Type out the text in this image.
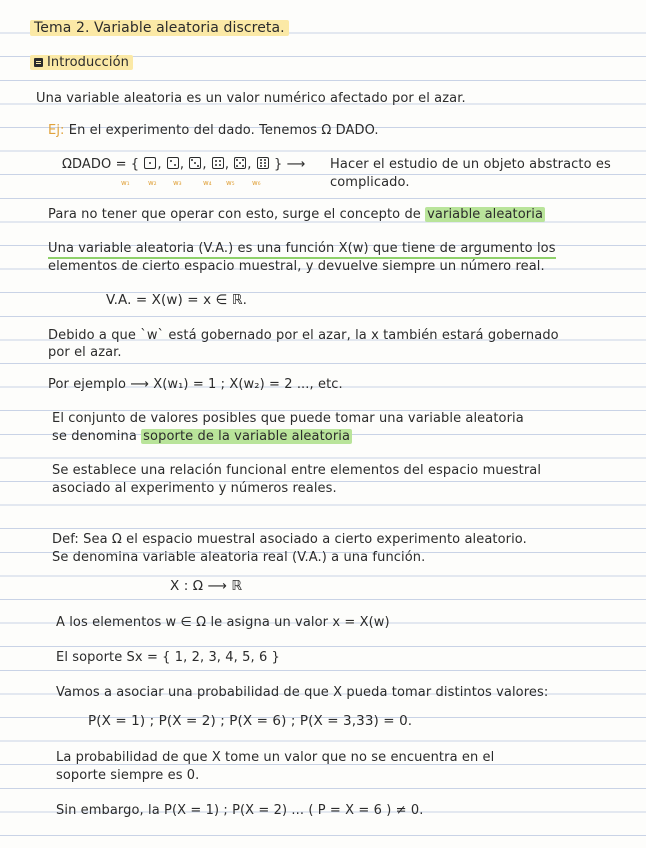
Tema 2. Variable aleatoria discreta.
Introducción
Una variable aleatoria es un valor numérico afectado por el azar.
Ej: En el experimento del dado. Tenemos Ω DADO.
ΩDADO = { ,
,
,
,
,
} ⟶ Hacer el estudio de un objeto abstracto es
complicado.
w₁	w₂ w₃	w₄ w₅ w₆
Para no tener que operar con esto, surge el concepto de variable aleatoria
Una variable aleatoria (V.A.) es una función X(w) que tiene de argumento los
elementos de cierto espacio muestral, y devuelve siempre un número real.
V.A. = X(w) = x ∈ ℝ.
Debido a que `w` está gobernado por el azar, la x también estará gobernado
por el azar.
Por ejemplo ⟶ X(w₁) = 1 ; X(w₂) = 2 ..., etc.
El conjunto de valores posibles que puede tomar una variable aleatoria
se denomina soporte de la variable aleatoria
Se establece una relación funcional entre elementos del espacio muestral
asociado al experimento y números reales.
Def: Sea Ω el espacio muestral asociado a cierto experimento aleatorio.
Se denomina variable aleatoria real (V.A.) a una función.
X : Ω ⟶ ℝ
A los elementos w ∈ Ω le asigna un valor x = X(w)
El soporte Sx = { 1, 2, 3, 4, 5, 6 }
Vamos a asociar una probabilidad de que X pueda tomar distintos valores:
P(X = 1) ; P(X = 2) ; P(X = 6) ; P(X = 3,33) = 0.
La probabilidad de que X tome un valor que no se encuentra en el
soporte siempre es 0.
Sin embargo, la P(X = 1) ; P(X = 2) ... ( P = X = 6 ) ≠ 0.
